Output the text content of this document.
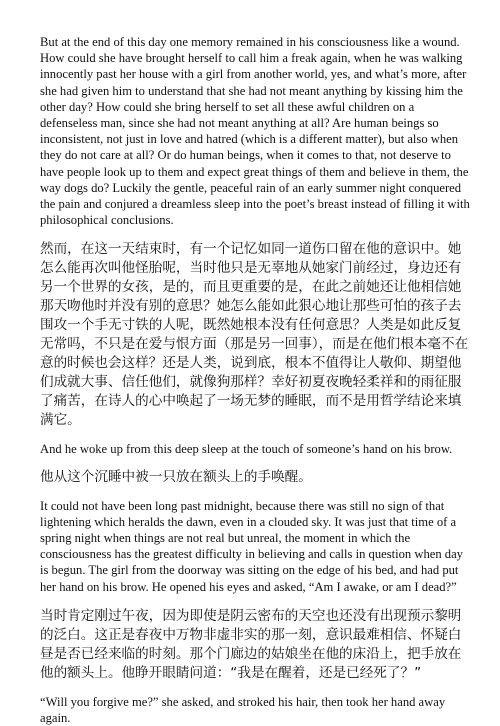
But at the end of this day one memory remained in his consciousness like a wound. How could she have brought herself to call him a freak again, when he was walking innocently past her house with a girl from another world, yes, and what’s more, after she had given him to understand that she had not meant anything by kissing him the other day? How could she bring herself to set all these awful children on a defenseless man, since she had not meant anything at all? Are human beings so inconsistent, not just in love and hatred (which is a different matter), but also when they do not care at all? Or do human beings, when it comes to that, not deserve to have people look up to them and expect great things of them and believe in them, the way dogs do? Luckily the gentle, peaceful rain of an early summer night conquered the pain and conjured a dreamless sleep into the poet’s breast instead of filling it with philosophical conclusions.

然而，在这一天结束时，有一个记忆如同一道伤口留在他的意识中。她怎么能再次叫他怪胎呢，当时他只是无辜地从她家门前经过，身边还有另一个世界的女孩，是的，而且更重要的是，在此之前她还让他相信她那天吻他时并没有别的意思？她怎么能如此狠心地让那些可怕的孩子去围攻一个手无寸铁的人呢，既然她根本没有任何意思？人类是如此反复无常吗，不只是在爱与恨方面（那是另一回事），而是在他们根本毫不在意的时候也会这样？还是人类，说到底，根本不值得让人敬仰、期望他们成就大事、信任他们，就像狗那样？幸好初夏夜晚轻柔祥和的雨征服了痛苦，在诗人的心中唤起了一场无梦的睡眠，而不是用哲学结论来填满它。

And he woke up from this deep sleep at the touch of someone’s hand on his brow.

他从这个沉睡中被一只放在额头上的手唤醒。

It could not have been long past midnight, because there was still no sign of that lightening which heralds the dawn, even in a clouded sky. It was just that time of a spring night when things are not real but unreal, the moment in which the consciousness has the greatest difficulty in believing and calls in question when day is begun. The girl from the doorway was sitting on the edge of his bed, and had put her hand on his brow. He opened his eyes and asked, “Am I awake, or am I dead?”

当时肯定刚过午夜，因为即使是阴云密布的天空也还没有出现预示黎明的泛白。这正是春夜中万物非虚非实的那一刻，意识最难相信、怀疑白昼是否已经来临的时刻。那个门廊边的姑娘坐在他的床沿上，把手放在他的额头上。他睁开眼睛问道：“我是在醒着，还是已经死了？”

“Will you forgive me?” she asked, and stroked his hair, then took her hand away again.
